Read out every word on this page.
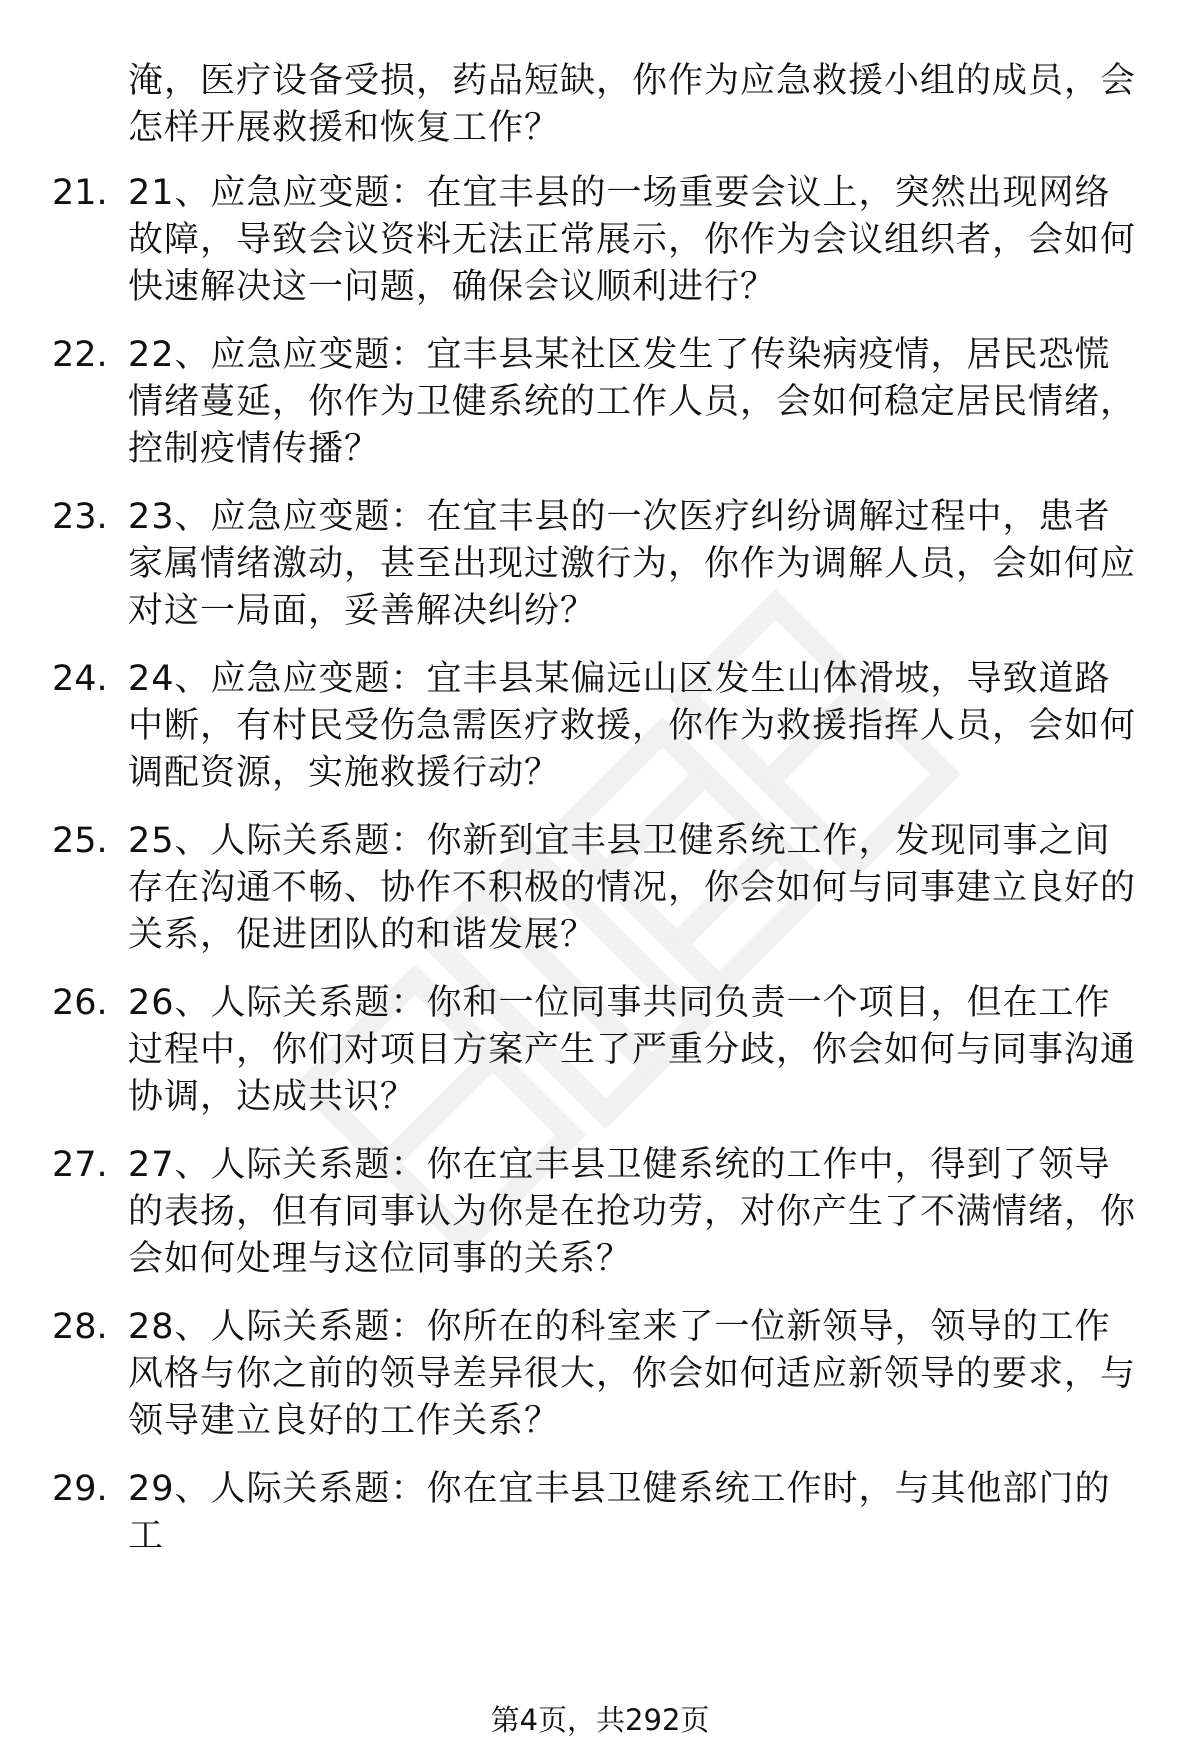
淹，医疗设备受损，药品短缺，你作为应急救援小组的成员，会怎样开展救援和恢复工作？
21. 21、应急应变题：在宜丰县的一场重要会议上，突然出现网络故障，导致会议资料无法正常展示，你作为会议组织者，会如何快速解决这一问题，确保会议顺利进行？
22. 22、应急应变题：宜丰县某社区发生了传染病疫情，居民恐慌情绪蔓延，你作为卫健系统的工作人员，会如何稳定居民情绪，控制疫情传播？
23. 23、应急应变题：在宜丰县的一次医疗纠纷调解过程中，患者家属情绪激动，甚至出现过激行为，你作为调解人员，会如何应对这一局面，妥善解决纠纷？
24. 24、应急应变题：宜丰县某偏远山区发生山体滑坡，导致道路中断，有村民受伤急需医疗救援，你作为救援指挥人员，会如何调配资源，实施救援行动？
25. 25、人际关系题：你新到宜丰县卫健系统工作，发现同事之间存在沟通不畅、协作不积极的情况，你会如何与同事建立良好的关系，促进团队的和谐发展？
26. 26、人际关系题：你和一位同事共同负责一个项目，但在工作过程中，你们对项目方案产生了严重分歧，你会如何与同事沟通协调，达成共识？
27. 27、人际关系题：你在宜丰县卫健系统的工作中，得到了领导的表扬，但有同事认为你是在抢功劳，对你产生了不满情绪，你会如何处理与这位同事的关系？
28. 28、人际关系题：你所在的科室来了一位新领导，领导的工作风格与你之前的领导差异很大，你会如何适应新领导的要求，与领导建立良好的工作关系？
29. 29、人际关系题：你在宜丰县卫健系统工作时，与其他部门的工
第4页，共292页
